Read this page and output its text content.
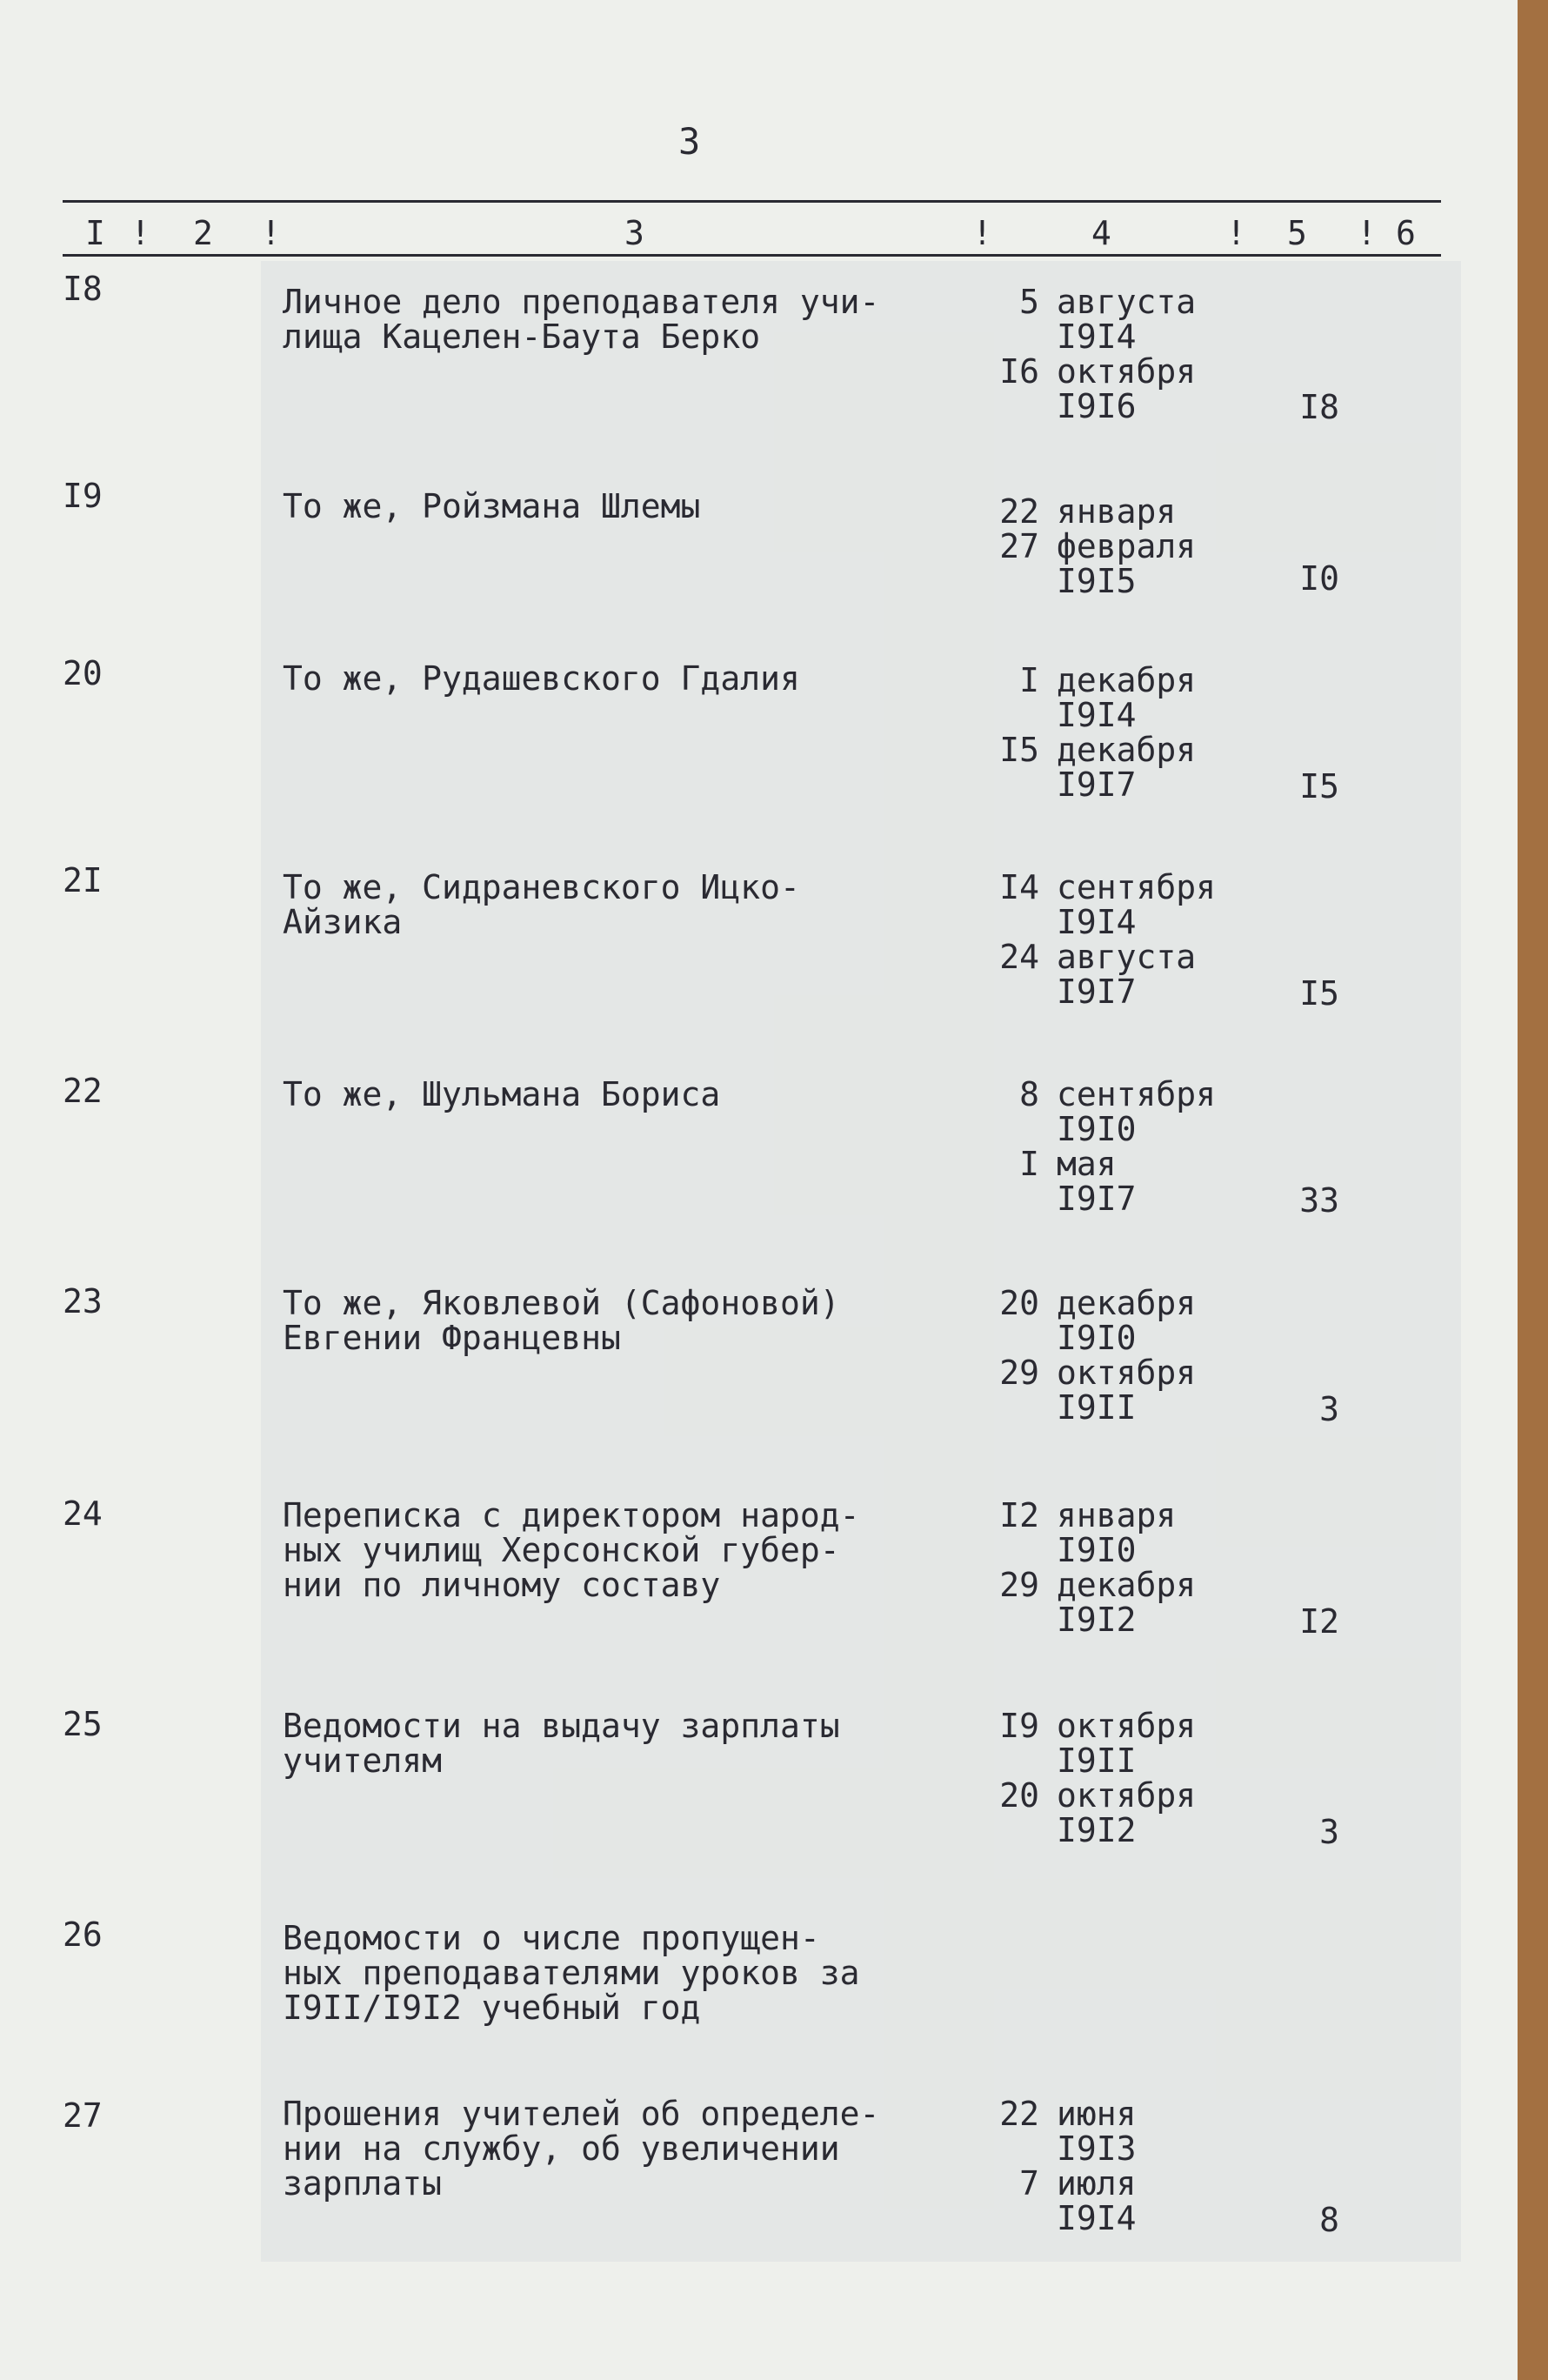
3
I ! 2 !	3	!	4	! 5 ! 6
I8	Личное дело преподавателя учи-
лища Кацелен-Баута Берко
5 августа
I9I4
I6 октября
I9I6	I8
I9	То же, Ройзмана Шлемы	22 января
27 февраля
I9I5	I0
20	То же, Рудашевского Гдалия	I декабря
I9I4
I5 декабря
I9I7	I5
2I	То же, Сидраневского Ицко-
Айзика
I4 сентября
I9I4
24 августа
I9I7	I5
22	То же, Шульмана Бориса	8 сентября
I9I0
I мая
I9I7	33
23	То же, Яковлевой (Сафоновой)
Евгении Францевны
20 декабря
I9I0
29 октября
I9II	3
24	Переписка с директором народ-
ных училищ Херсонской губер-
нии по личному составу
I2 января
I9I0
29 декабря
I9I2	I2
25	Ведомости на выдачу зарплаты
учителям
I9 октября
I9II
20 октября
I9I2	3
26	Ведомости о числе пропущен-
ных преподавателями уроков за
I9II/I9I2 учебный год
27	Прошения учителей об определе-
нии на службу, об увеличении
зарплаты
22 июня
I9I3
7 июля
I9I4	8
